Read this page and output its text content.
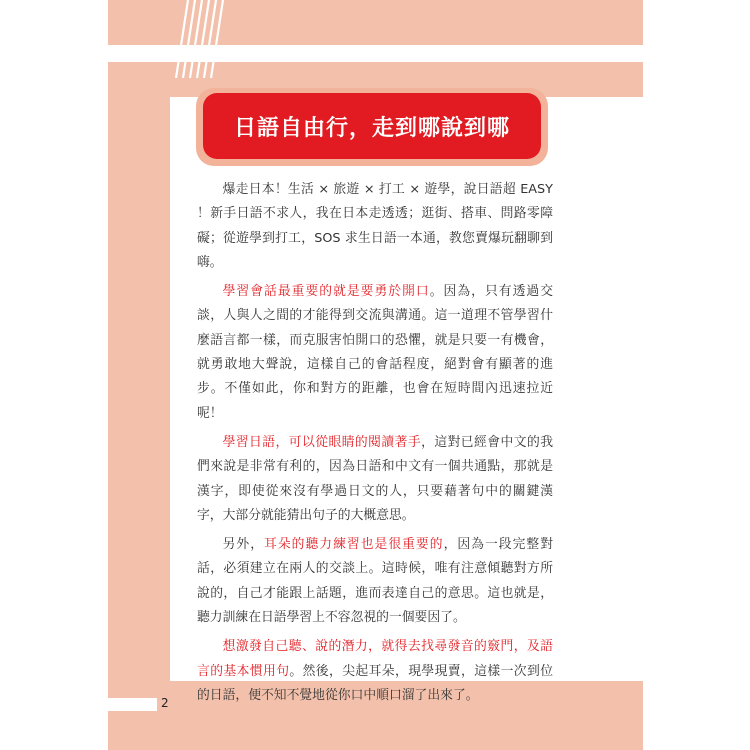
日語自由行，走到哪說到哪

爆走日本！生活 × 旅遊 × 打工 × 遊學，說日語超 EASY ！新手日語不求人，我在日本走透透；逛街、搭車、問路零障礙；從遊學到打工，SOS 求生日語一本通，教您賣爆玩翻聊到嗨。

學習會話最重要的就是要勇於開口。因為，只有透過交談，人與人之間的才能得到交流與溝通。這一道理不管學習什麼語言都一樣，而克服害怕開口的恐懼，就是只要一有機會，就勇敢地大聲說，這樣自己的會話程度，絕對會有顯著的進步。不僅如此，你和對方的距離，也會在短時間內迅速拉近呢！

學習日語，可以從眼睛的閱讀著手，這對已經會中文的我們來說是非常有利的，因為日語和中文有一個共通點，那就是漢字，即使從來沒有學過日文的人，只要藉著句中的關鍵漢字，大部分就能猜出句子的大概意思。

另外，耳朵的聽力練習也是很重要的，因為一段完整對話，必須建立在兩人的交談上。這時候，唯有注意傾聽對方所說的，自己才能跟上話題，進而表達自己的意思。這也就是，聽力訓練在日語學習上不容忽視的一個要因了。

想激發自己聽、說的潛力，就得去找尋發音的竅門，及語言的基本慣用句。然後，尖起耳朵，現學現賣，這樣一次到位的日語，便不知不覺地從你口中順口溜了出來了。

2
